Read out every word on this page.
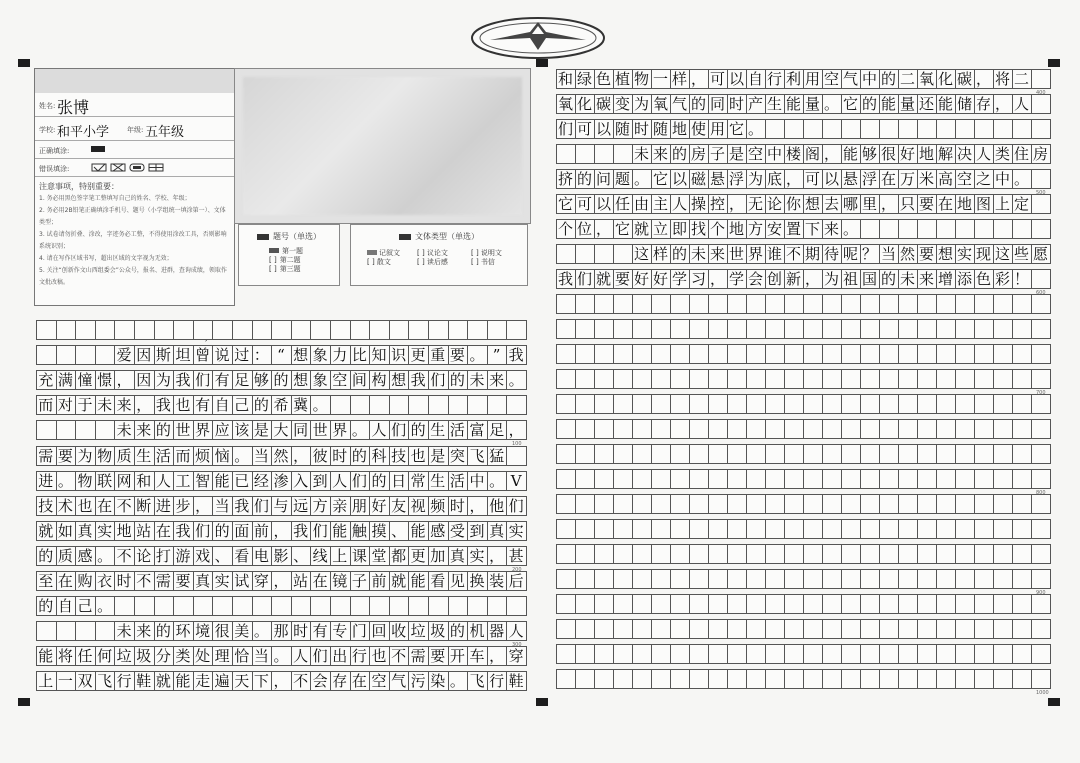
姓名: 张博
学校: 和平小学	年级: 五年级
正确填涂:
错误填涂:
注意事项，特别重要：
1. 务必用黑色签字笔工整填写自己的姓名、学校、年级；
2. 务必用2B铅笔正确填涂手机号、题号（小学组统一填涂第一）、文体类型；
3. 试卷请勿折叠、涂改，字迹务必工整，不得使用涂改工具，否则影响系统识别；
4. 请在写作区域书写，超出区域的文字视为无效；
5. 关注“创新作文山西组委会”公众号，报名、进群，查询成绩，领取作文批改稿。
题号（单选）
第一题
[ ] 第二题
[ ] 第三题
文体类型（单选）
记叙文 [ ] 议论文	[ ] 说明文
[ ] 散文	[ ] 读后感	[ ] 书信
爱 因 斯 坦 曾 说 过 ： “ 想 象 力 比 知 识 更 重 要 。 ” 我
充 满 憧 憬 ， 因 为 我 们 有 足 够 的 想 象 空 间 构 想 我 们 的 未 来 。
而 对 于 未 来 ， 我 也 有 自 己 的 希 冀 。
未 来 的 世 界 应 该 是 大 同 世 界 。 人 们 的 生 活 富 足 ，
需 要 为 物 质 生 活 而 烦 恼 。 当 然 ， 彼 时 的 科 技 也 是 突 飞 猛
进 。 物 联 网 和 人 工 智 能 已 经 渗 入 到 人 们 的 日 常 生 活 中 。 V
技 术 也 在 不 断 进 步 ， 当 我 们 与 远 方 亲 朋 好 友 视 频 时 ， 他 们
就 如 真 实 地 站 在 我 们 的 面 前 ， 我 们 能 触 摸 、 能 感 受 到 真 实
的 质 感 。 不 论 打 游 戏 、 看 电 影 、 线 上 课 堂 都 更 加 真 实 ， 甚
至 在 购 衣 时 不 需 要 真 实 试 穿 ， 站 在 镜 子 前 就 能 看 见 换 装 后
的 自 己 。
未 来 的 环 境 很 美 。 那 时 有 专 门 回 收 垃 圾 的 机 器 人
能 将 任 何 垃 圾 分 类 处 理 恰 当 。 人 们 出 行 也 不 需 要 开 车 ， 穿
上 一 双 飞 行 鞋 就 能 走 遍 天 下 ， 不 会 存 在 空 气 污 染 。 飞 行 鞋
100
200
300
和 绿 色 植 物 一 样 ， 可 以 自 行 利 用 空 气 中 的 二 氧 化 碳 ， 将 二
氧 化 碳 变 为 氧 气 的 同 时 产 生 能 量 。 它 的 能 量 还 能 储 存 ， 人
们 可 以 随 时 随 地 使 用 它 。
未 来 的 房 子 是 空 中 楼 阁 ， 能 够 很 好 地 解 决 人 类 住 房
挤 的 问 题 。 它 以 磁 悬 浮 为 底 ， 可 以 悬 浮 在 万 米 高 空 之 中 。
它 可 以 任 由 主 人 操 控 ， 无 论 你 想 去 哪 里 ， 只 要 在 地 图 上 定
个 位 ， 它 就 立 即 找 个 地 方 安 置 下 来 。
这 样 的 未 来 世 界 谁 不 期 待 呢 ？ 当 然 要 想 实 现 这 些 愿
我 们 就 要 好 好 学 习 ， 学 会 创 新 ， 为 祖 国 的 未 来 增 添 色 彩 ！
400
500
600
700
800
900
1000
